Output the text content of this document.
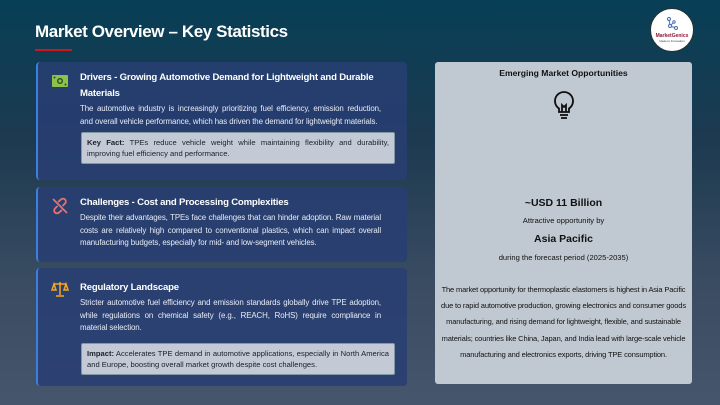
Market Overview – Key Statistics	MarketGenics
Ideas to Innovation
Drivers - Growing Automotive Demand for Lightweight and Durable Materials

The automotive industry is increasingly prioritizing fuel efficiency, emission reduction, and overall vehicle performance, which has driven the demand for lightweight materials.

Key Fact: TPEs reduce vehicle weight while maintaining flexibility and durability, improving fuel efficiency and performance.
Challenges - Cost and Processing Complexities

Despite their advantages, TPEs face challenges that can hinder adoption. Raw material costs are relatively high compared to conventional plastics, which can impact overall manufacturing budgets, especially for mid- and low-segment vehicles.

Regulatory Landscape

Stricter automotive fuel efficiency and emission standards globally drive TPE adoption, while regulations on chemical safety (e.g., REACH, RoHS) require compliance in material selection.

Impact: Accelerates TPE demand in automotive applications, especially in North America and Europe, boosting overall market growth despite cost challenges.
Emerging Market Opportunities
~USD 11 Billion
Attractive opportunity by
Asia Pacific
during the forecast period (2025-2035)
The market opportunity for thermoplastic elastomers is highest in Asia Pacific due to rapid automotive production, growing electronics and consumer goods manufacturing, and rising demand for lightweight, flexible, and sustainable materials; countries like China, Japan, and India lead with large-scale vehicle manufacturing and electronics exports, driving TPE consumption.
